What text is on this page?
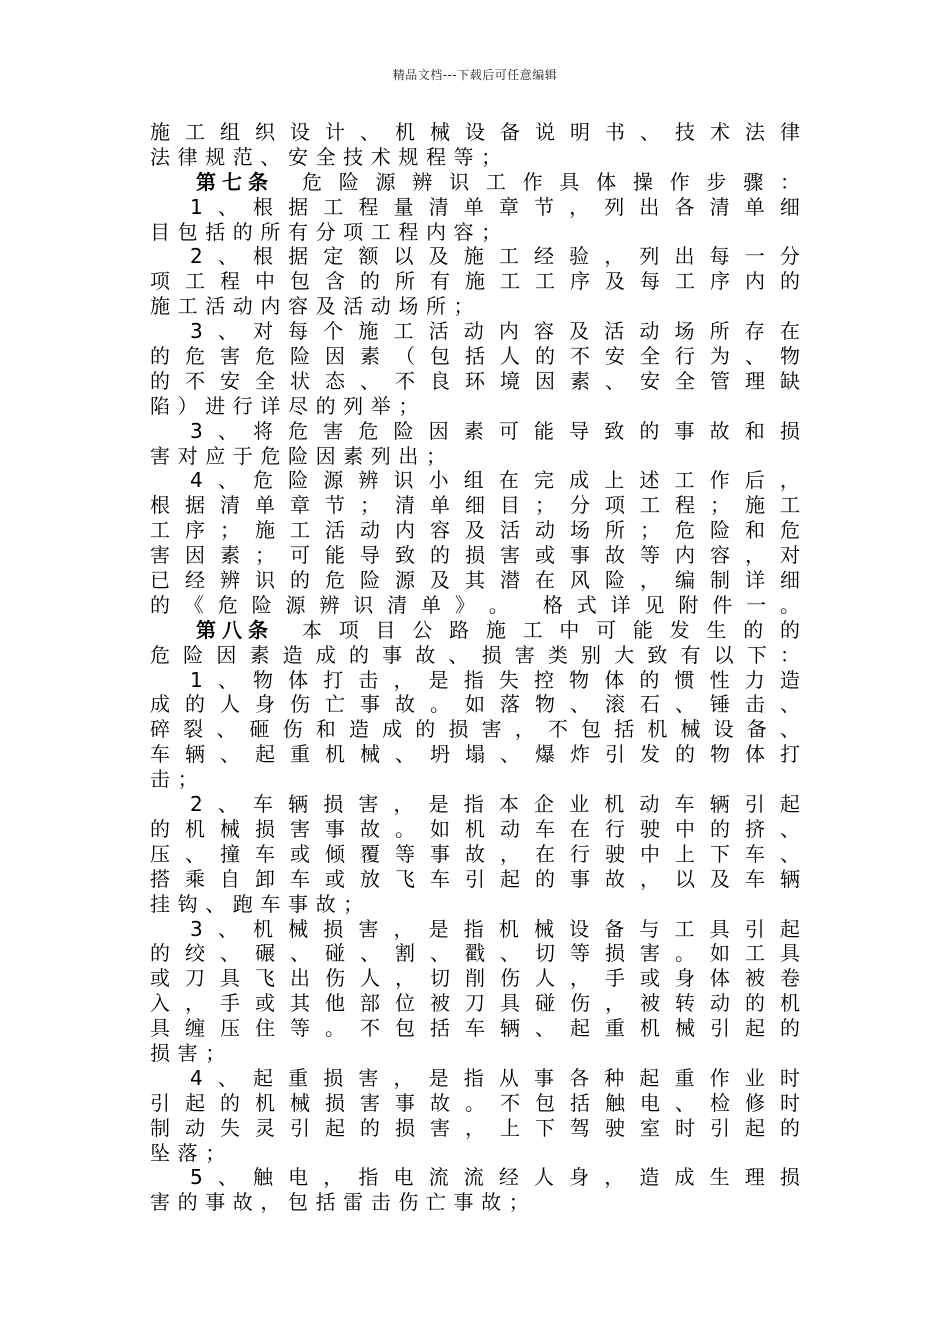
精品文档---下载后可任意编辑
施 工 组 织 设 计 、 机 械 设 备 说 明 书 、 技 术 法 律
法 律 规 范 、 安 全 技 术 规 程 等 ；
第七条 危 险 源 辨 识 工 作 具 体 操 作 步 骤 ：
1 、 根 据 工 程 量 清 单 章 节 ， 列 出 各 清 单 细
目 包 括 的 所 有 分 项 工 程 内 容 ；
2 、 根 据 定 额 以 及 施 工 经 验 ， 列 出 每 一 分
项 工 程 中 包 含 的 所 有 施 工 工 序 及 每 工 序 内 的
施 工 活 动 内 容 及 活 动 场 所 ；
3 、 对 每 个 施 工 活 动 内 容 及 活 动 场 所 存 在
的 危 害 危 险 因 素 （ 包 括 人 的 不 安 全 行 为 、 物
的 不 安 全 状 态 、 不 良 环 境 因 素 、 安 全 管 理 缺
陷 ） 进 行 详 尽 的 列 举 ；
3 、 将 危 害 危 险 因 素 可 能 导 致 的 事 故 和 损
害 对 应 于 危 险 因 素 列 出 ；
4 、 危 险 源 辨 识 小 组 在 完 成 上 述 工 作 后 ，
根 据 清 单 章 节 ； 清 单 细 目 ； 分 项 工 程 ； 施 工
工 序 ； 施 工 活 动 内 容 及 活 动 场 所 ； 危 险 和 危
害 因 素 ； 可 能 导 致 的 损 害 或 事 故 等 内 容 ， 对
已 经 辨 识 的 危 险 源 及 其 潜 在 风 险 ， 编 制 详 细
的 《 危 险 源 辨 识 清 单 》 。
格 式 详 见 附 件 一 。
第八条 本 项 目 公 路 施 工 中 可 能 发 生 的 的
危 险 因 素 造 成 的 事 故 、 损 害 类 别 大 致 有 以 下 ：
1 、 物 体 打 击 ， 是 指 失 控 物 体 的 惯 性 力 造
成 的 人 身 伤 亡 事 故 。 如 落 物 、 滚 石 、 锤 击 、
碎 裂 、 砸 伤 和 造 成 的 损 害 ， 不 包 括 机 械 设 备 、
车 辆 、 起 重 机 械 、 坍 塌 、 爆 炸 引 发 的 物 体 打
击 ；
2 、 车 辆 损 害 ， 是 指 本 企 业 机 动 车 辆 引 起
的 机 械 损 害 事 故 。 如 机 动 车 在 行 驶 中 的 挤 、
压 、 撞 车 或 倾 覆 等 事 故 ， 在 行 驶 中 上 下 车 、
搭 乘 自 卸 车 或 放 飞 车 引 起 的 事 故 ， 以 及 车 辆
挂 钩 、 跑 车 事 故 ；
3 、 机 械 损 害 ， 是 指 机 械 设 备 与 工 具 引 起
的 绞 、 碾 、 碰 、 割 、 戳 、 切 等 损 害 。 如 工 具
或 刀 具 飞 出 伤 人 ， 切 削 伤 人 ， 手 或 身 体 被 卷
入 ， 手 或 其 他 部 位 被 刀 具 碰 伤 ， 被 转 动 的 机
具 缠 压 住 等 。 不 包 括 车 辆 、 起 重 机 械 引 起 的
损 害 ；
4 、 起 重 损 害 ， 是 指 从 事 各 种 起 重 作 业 时
引 起 的 机 械 损 害 事 故 。 不 包 括 触 电 、 检 修 时
制 动 失 灵 引 起 的 损 害 ， 上 下 驾 驶 室 时 引 起 的
坠 落 ；
5 、 触 电 ， 指 电 流 流 经 人 身 ， 造 成 生 理 损
害 的 事 故 ， 包 括 雷 击 伤 亡 事 故 ；
